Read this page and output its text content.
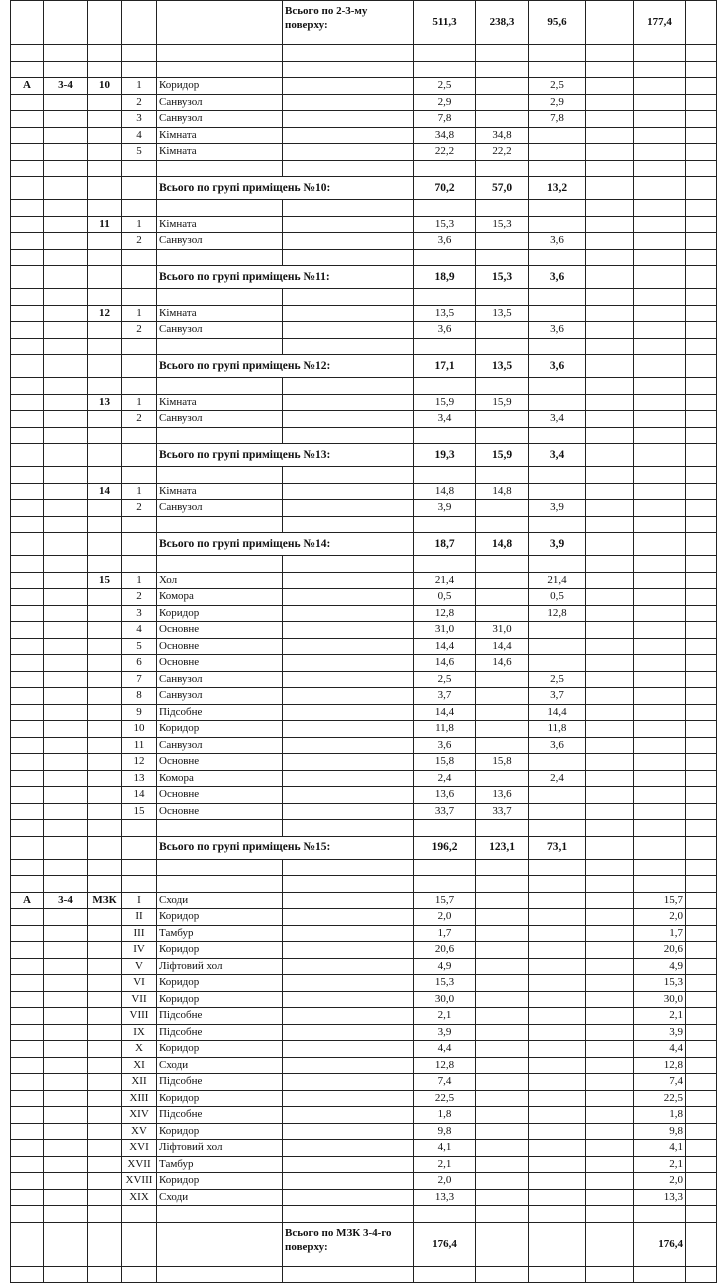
					Всього по 2-3-му поверху:	511,3	238,3	95,6		177,4	

А	3-4	10	1	Коридор		2,5		2,5			
			2	Санвузол		2,9		2,9			
			3	Санвузол		7,8		7,8			
			4	Кімната		34,8	34,8				
			5	Кімната		22,2	22,2				

				Всього по групі приміщень №10:		70,2	57,0	13,2			

		11	1	Кімната		15,3	15,3				
			2	Санвузол		3,6		3,6			

				Всього по групі приміщень №11:		18,9	15,3	3,6			

		12	1	Кімната		13,5	13,5				
			2	Санвузол		3,6		3,6			

				Всього по групі приміщень №12:		17,1	13,5	3,6			

		13	1	Кімната		15,9	15,9				
			2	Санвузол		3,4		3,4			

				Всього по групі приміщень №13:		19,3	15,9	3,4			

		14	1	Кімната		14,8	14,8				
			2	Санвузол		3,9		3,9			

				Всього по групі приміщень №14:		18,7	14,8	3,9			

		15	1	Хол		21,4		21,4			
			2	Комора		0,5		0,5			
			3	Коридор		12,8		12,8			
			4	Основне		31,0	31,0				
			5	Основне		14,4	14,4				
			6	Основне		14,6	14,6				
			7	Санвузол		2,5		2,5			
			8	Санвузол		3,7		3,7			
			9	Підсобне		14,4		14,4			
			10	Коридор		11,8		11,8			
			11	Санвузол		3,6		3,6			
			12	Основне		15,8	15,8				
			13	Комора		2,4		2,4			
			14	Основне		13,6	13,6				
			15	Основне		33,7	33,7				

				Всього по групі приміщень №15:		196,2	123,1	73,1			

А	3-4	МЗК	I	Сходи		15,7				15,7	
			II	Коридор		2,0				2,0	
			III	Тамбур		1,7				1,7	
			IV	Коридор		20,6				20,6	
			V	Ліфтовий хол		4,9				4,9	
			VI	Коридор		15,3				15,3	
			VII	Коридор		30,0				30,0	
			VIII	Підсобне		2,1				2,1	
			IX	Підсобне		3,9				3,9	
			X	Коридор		4,4				4,4	
			XI	Сходи		12,8				12,8	
			XII	Підсобне		7,4				7,4	
			XIII	Коридор		22,5				22,5	
			XIV	Підсобне		1,8				1,8	
			XV	Коридор		9,8				9,8	
			XVI	Ліфтовий хол		4,1				4,1	
			XVII	Тамбур		2,1				2,1	
			XVIII	Коридор		2,0				2,0	
			XIX	Сходи		13,3				13,3	

					Всього по МЗК 3-4-го поверху:	176,4				176,4	
